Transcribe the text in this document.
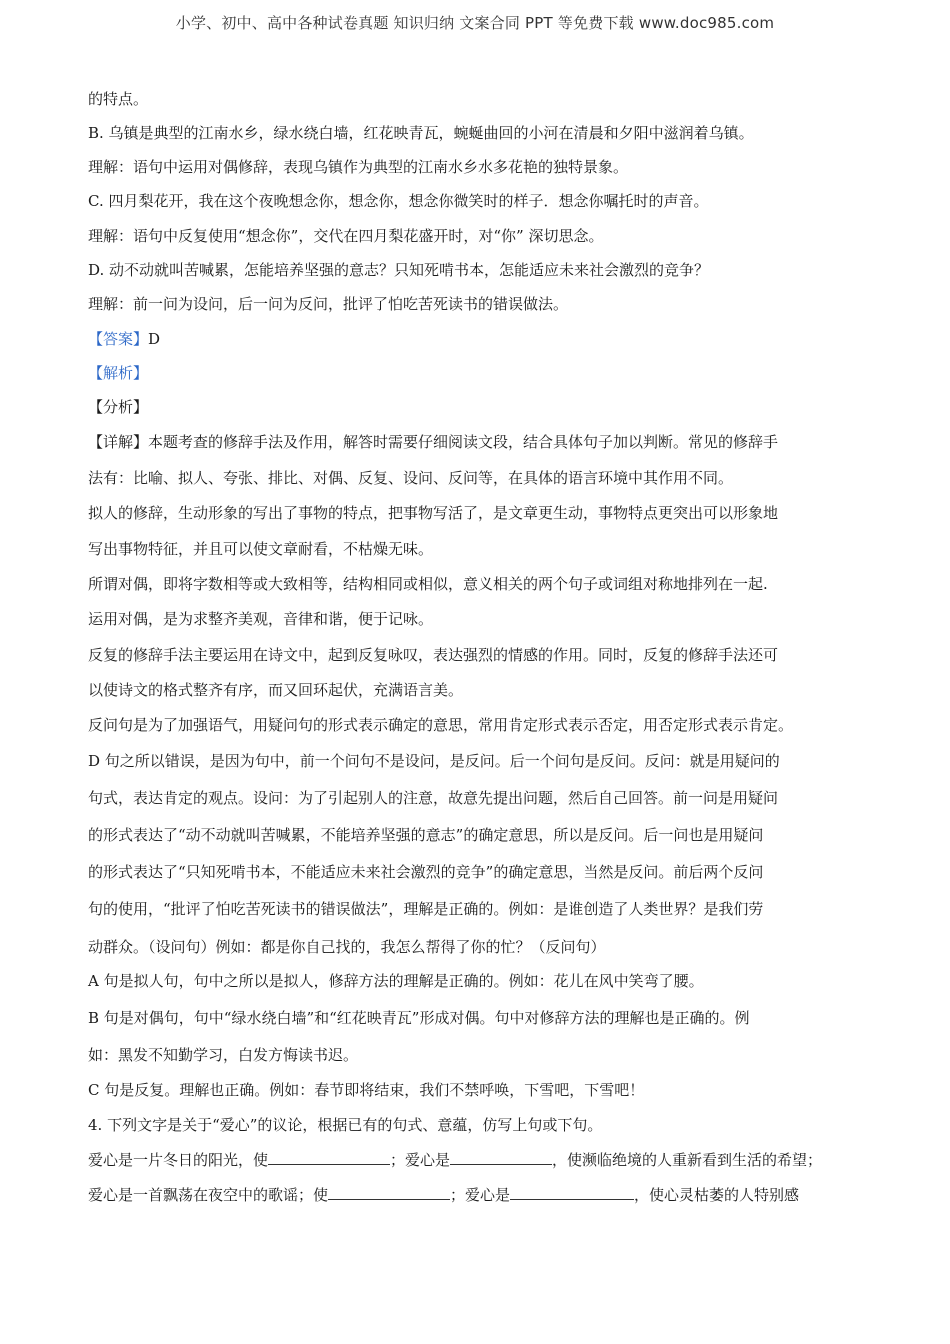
小学、初中、高中各种试卷真题 知识归纳 文案合同 PPT 等免费下载 www.doc985.com
的特点。
B. 乌镇是典型的江南水乡，绿水绕白墙，红花映青瓦，蜿蜒曲回的小河在清晨和夕阳中滋润着乌镇。
理解：语句中运用对偶修辞，表现乌镇作为典型的江南水乡水多花艳的独特景象。
C. 四月梨花开，我在这个夜晚想念你，想念你，想念你微笑时的样子．想念你嘱托时的声音。
理解：语句中反复使用“想念你”，交代在四月梨花盛开时，对“你” 深切思念。
D. 动不动就叫苦喊累，怎能培养坚强的意志？只知死啃书本，怎能适应未来社会激烈的竞争？
理解：前一问为设问，后一问为反问，批评了怕吃苦死读书的错误做法。
【答案】D
【解析】
【分析】
【详解】本题考查的修辞手法及作用，解答时需要仔细阅读文段，结合具体句子加以判断。常见的修辞手
法有：比喻、拟人、夸张、排比、对偶、反复、设问、反问等，在具体的语言环境中其作用不同。
拟人的修辞，生动形象的写出了事物的特点，把事物写活了，是文章更生动，事物特点更突出可以形象地
写出事物特征，并且可以使文章耐看，不枯燥无味。
所谓对偶，即将字数相等或大致相等，结构相同或相似，意义相关的两个句子或词组对称地排列在一起.
运用对偶，是为求整齐美观，音律和谐，便于记咏。
反复的修辞手法主要运用在诗文中，起到反复咏叹，表达强烈的情感的作用。同时，反复的修辞手法还可
以使诗文的格式整齐有序，而又回环起伏，充满语言美。
反问句是为了加强语气，用疑问句的形式表示确定的意思，常用肯定形式表示否定，用否定形式表示肯定。
D 句之所以错误，是因为句中，前一个问句不是设问，是反问。后一个问句是反问。反问：就是用疑问的
句式，表达肯定的观点。设问：为了引起别人的注意，故意先提出问题，然后自己回答。前一问是用疑问
的形式表达了“动不动就叫苦喊累，不能培养坚强的意志”的确定意思，所以是反问。后一问也是用疑问
的形式表达了“只知死啃书本，不能适应未来社会激烈的竞争”的确定意思，当然是反问。前后两个反问
句的使用，“批评了怕吃苦死读书的错误做法”，理解是正确的。例如：是谁创造了人类世界？是我们劳
动群众。（设问句）例如：都是你自己找的，我怎么帮得了你的忙？（反问句）
A 句是拟人句，句中之所以是拟人，修辞方法的理解是正确的。例如：花儿在风中笑弯了腰。
B 句是对偶句，句中“绿水绕白墙”和“红花映青瓦”形成对偶。句中对修辞方法的理解也是正确的。例
如：黑发不知勤学习，白发方悔读书迟。
C 句是反复。理解也正确。例如：春节即将结束，我们不禁呼唤，下雪吧，下雪吧！
4. 下列文字是关于“爱心”的议论，根据已有的句式、意蕴，仿写上句或下句。
爱心是一片冬日的阳光，使	；爱心是	，使濒临绝境的人重新看到生活的希望；
爱心是一首飘荡在夜空中的歌谣；使	；爱心是	，使心灵枯萎的人特别感
